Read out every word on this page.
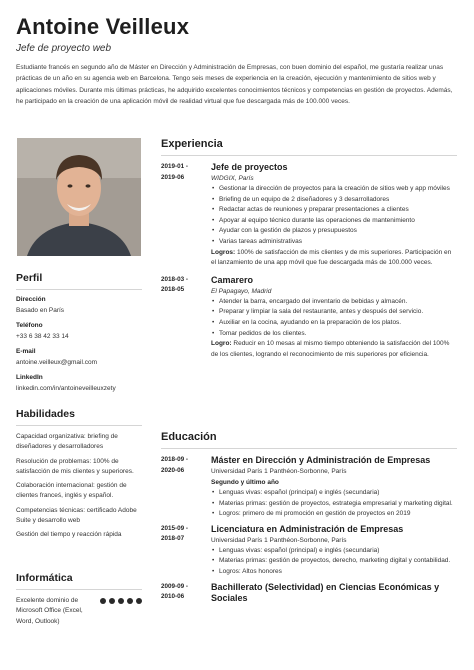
Antoine Veilleux
Jefe de proyecto web
Estudiante francés en segundo año de Máster en Dirección y Administración de Empresas, con buen dominio del español, me gustaría realizar unas prácticas de un año en su agencia web en Barcelona. Tengo seis meses de experiencia en la creación, ejecución y mantenimiento de sitios web y aplicaciones móviles. Durante mis últimas prácticas, he adquirido excelentes conocimientos técnicos y competencias en gestión de proyectos. Además, he participado en la creación de una aplicación móvil de realidad virtual que fue descargada más de 100.000 veces.
Perfil
Dirección
Basado en París
Teléfono
+33 6 38 42 33 14
E-mail
antoine.veilleux@gmail.com
LinkedIn
linkedin.com/in/antoineveilleuxzety
Habilidades
Capacidad organizativa: briefing de diseñadores y desarrolladores
Resolución de problemas: 100% de satisfacción de mis clientes y superiores.
Colaboración internacional: gestión de clientes franceś, inglés y español.
Competencias técnicas: certificado Adobe Suite y desarrollo web
Gestión del tiempo y reacción rápida
Informática
Excelente dominio de Microsoft Office (Excel, Word, Outlook)
Experiencia
2019-01 -
2019-06
Jefe de proyectos
WIDGIX, París
• Gestionar la dirección de proyectos para la creación de sitios web y app móviles
• Briefing de un equipo de 2 diseñadores y 3 desarrolladores
• Redactar actas de reuniones y preparar presentaciones a clientes
• Apoyar al equipo técnico durante las operaciones de mantenimiento
• Ayudar con la gestión de plazos y presupuestos
• Varias tareas administrativas
Logros: 100% de satisfacción de mis clientes y de mis superiores. Participación en el lanzamiento de una app móvil que fue descargada más de 100.000 veces.
2018-03 -
2018-05
Camarero
El Papagayo, Madrid
• Atender la barra, encargado del inventario de bebidas y almacén.
• Preparar y limpiar la sala del restaurante, antes y después del servicio.
• Auxiliar en la cocina, ayudando en la preparación de los platos.
• Tomar pedidos de los clientes.
Logro: Reducir en 10 mesas al mismo tiempo obteniendo la satisfacción del 100% de los clientes, logrando el reconocimiento de mis superiores por eficiencia.
Educación
2018-09 -
2020-06
Máster en Dirección y Administración de Empresas
Universidad París 1 Panthéon-Sorbonne, París
Segundo y último año
• Lenguas vivas: español (principal) e inglés (secundaria)
• Materias primas: gestión de proyectos, estrategia empresarial y marketing digital.
• Logros: primero de mi promoción en gestión de proyectos en 2019
2015-09 -
2018-07
Licenciatura en Administración de Empresas
Universidad París 1 Panthéon-Sorbonne, París
• Lenguas vivas: español (principal) e inglés (secundaria)
• Materias primas: gestión de proyectos, derecho, marketing digital y contabilidad.
• Logros: Altos honores
2009-09 -
2010-06
Bachillerato (Selectividad) en Ciencias Económicas y Sociales
